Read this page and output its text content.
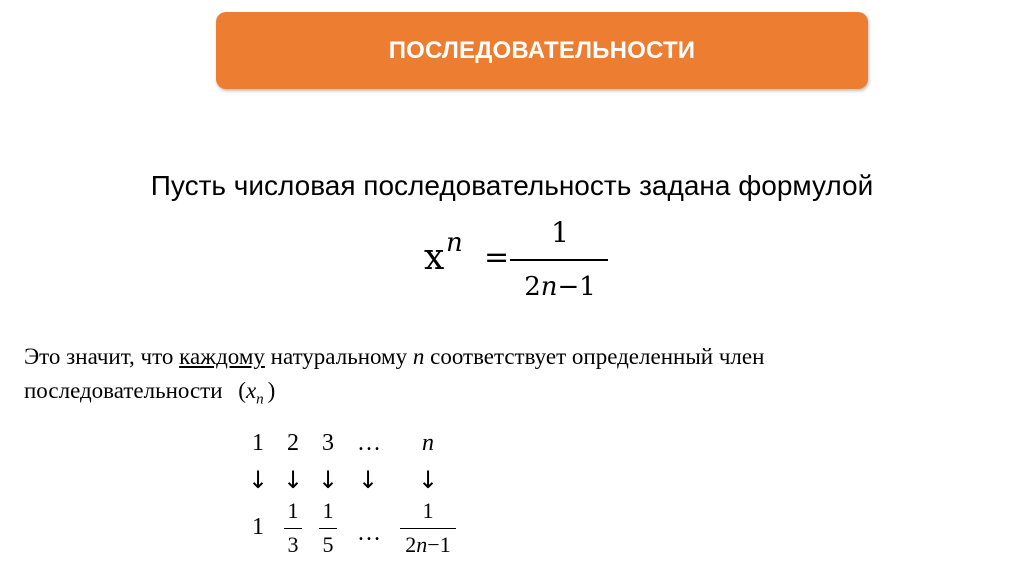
ПОСЛЕДОВАТЕЛЬНОСТИ
Пусть числовая последовательность задана формулой
x n =
1
2n−1
Это значит, что каждому натуральному n соответствует определенный член
последовательности ($x_n$ )
1 2 3 … n
↓ ↓ ↓ ↓ ↓
1
1
3
1
5 …
1
2n−1
